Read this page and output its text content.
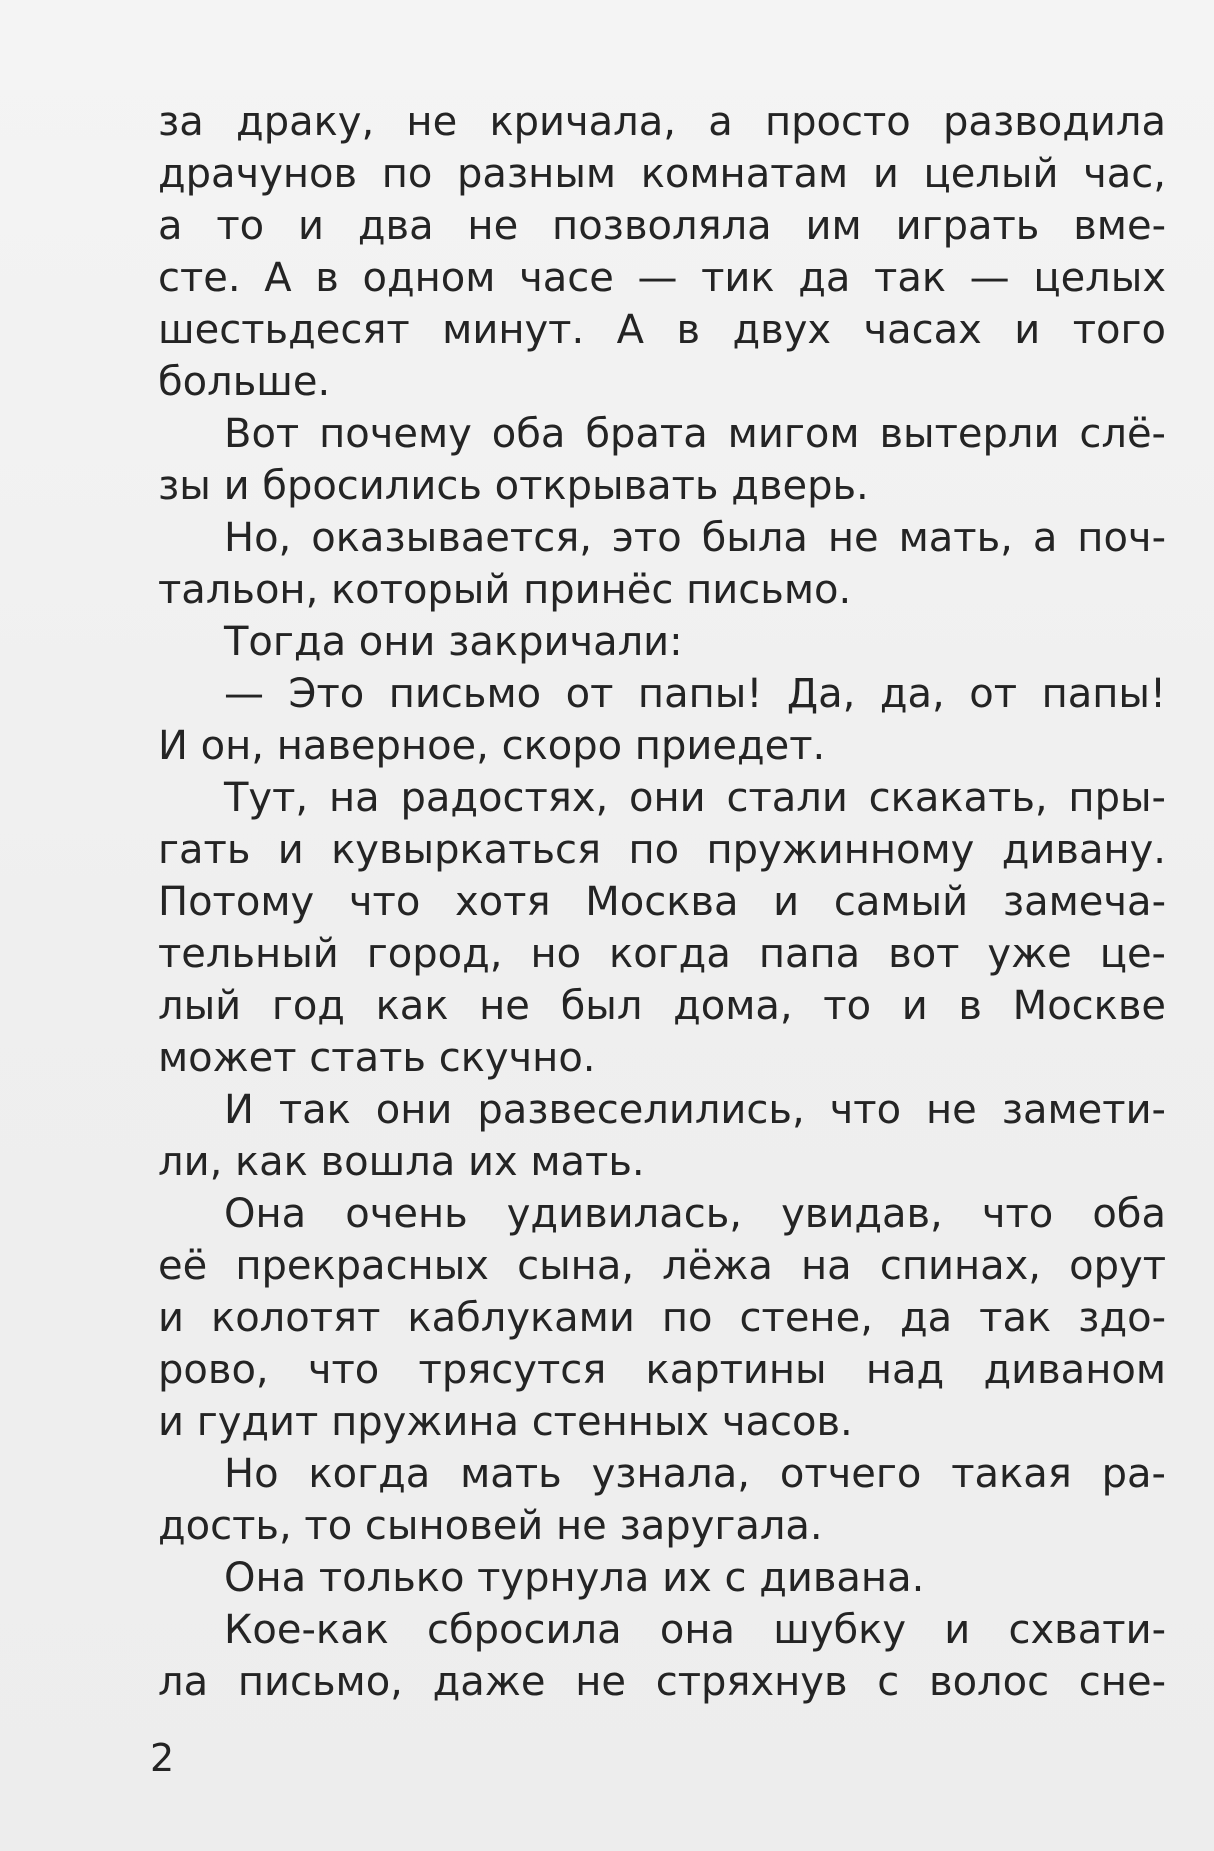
за драку, не кричала, а просто разводила
драчунов по разным комнатам и целый час,
а то и два не позволяла им играть вме-
сте. А в одном часе — тик да так — целых
шестьдесят минут. А в двух часах и того
больше.
Вот почему оба брата мигом вытерли слё-
зы и бросились открывать дверь.
Но, оказывается, это была не мать, а поч-
тальон, который принёс письмо.
Тогда они закричали:
— Это письмо от папы! Да, да, от папы!
И он, наверное, скоро приедет.
Тут, на радостях, они стали скакать, пры-
гать и кувыркаться по пружинному дивану.
Потому что хотя Москва и самый замеча-
тельный город, но когда папа вот уже це-
лый год как не был дома, то и в Москве
может стать скучно.
И так они развеселились, что не замети-
ли, как вошла их мать.
Она очень удивилась, увидав, что оба
её прекрасных сына, лёжа на спинах, орут
и колотят каблуками по стене, да так здо-
рово, что трясутся картины над диваном
и гудит пружина стенных часов.
Но когда мать узнала, отчего такая ра-
дость, то сыновей не заругала.
Она только турнула их с дивана.
Кое-как сбросила она шубку и схвати-
ла письмо, даже не стряхнув с волос сне-
2
